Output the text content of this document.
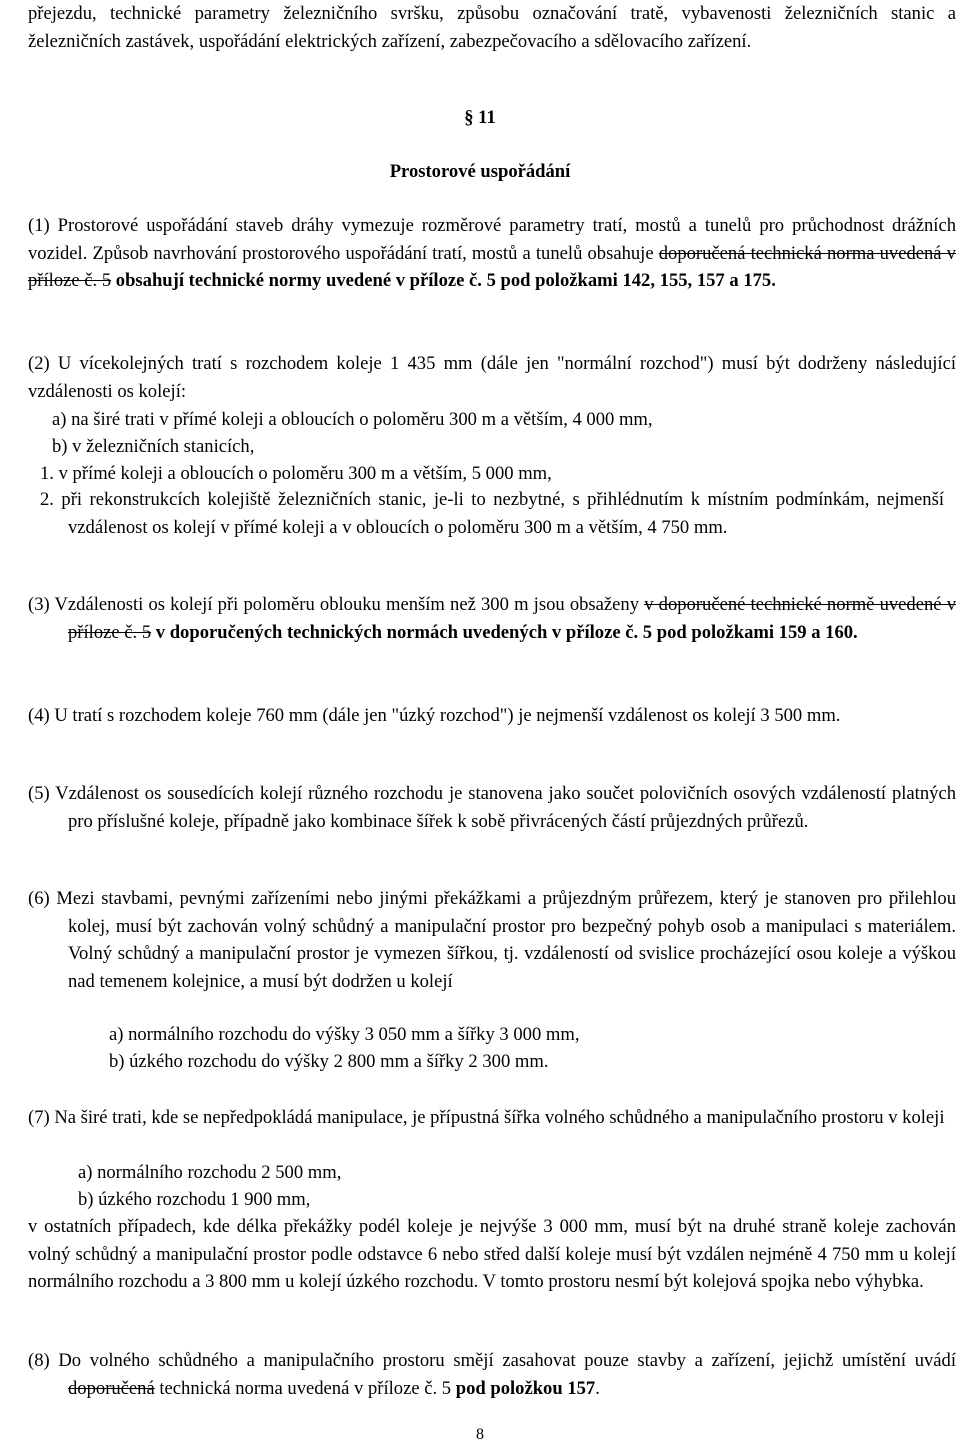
přejezdu, technické parametry železničního svršku, způsobu označování tratě, vybavenosti železničních stanic a železničních zastávek, uspořádání elektrických zařízení, zabezpečovacího a sdělovacího zařízení.
§ 11
Prostorové uspořádání
(1) Prostorové uspořádání staveb dráhy vymezuje rozměrové parametry tratí, mostů a tunelů pro průchodnost drážních vozidel. Způsob navrhování prostorového uspořádání tratí, mostů a tunelů obsahuje doporučená technická norma uvedená v příloze č. 5 obsahují technické normy uvedené v příloze č. 5 pod položkami 142, 155, 157 a 175.
(2) U vícekolejných tratí s rozchodem koleje 1 435 mm (dále jen "normální rozchod") musí být dodrženy následující vzdálenosti os kolejí:
a) na širé trati v přímé koleji a obloucích o poloměru 300 m a větším, 4 000 mm,
b) v železničních stanicích,
1. v přímé koleji a obloucích o poloměru 300 m a větším, 5 000 mm,
2. při rekonstrukcích kolejiště železničních stanic, je-li to nezbytné, s přihlédnutím k místním podmínkám, nejmenší vzdálenost os kolejí v přímé koleji a v obloucích o poloměru 300 m a větším, 4 750 mm.
(3) Vzdálenosti os kolejí při poloměru oblouku menším než 300 m jsou obsaženy v doporučené technické normě uvedené v příloze č. 5 v doporučených technických normách uvedených v příloze č. 5 pod položkami 159 a 160.
(4) U tratí s rozchodem koleje 760 mm (dále jen "úzký rozchod") je nejmenší vzdálenost os kolejí 3 500 mm.
(5) Vzdálenost os sousedících kolejí různého rozchodu je stanovena jako součet polovičních osových vzdáleností platných pro příslušné koleje, případně jako kombinace šířek k sobě přivrácených částí průjezdných průřezů.
(6) Mezi stavbami, pevnými zařízeními nebo jinými překážkami a průjezdným průřezem, který je stanoven pro přilehlou kolej, musí být zachován volný schůdný a manipulační prostor pro bezpečný pohyb osob a manipulaci s materiálem. Volný schůdný a manipulační prostor je vymezen šířkou, tj. vzdáleností od svislice procházející osou koleje a výškou nad temenem kolejnice, a musí být dodržen u kolejí
a) normálního rozchodu do výšky 3 050 mm a šířky 3 000 mm,
b) úzkého rozchodu do výšky 2 800 mm a šířky 2 300 mm.
(7) Na širé trati, kde se nepředpokládá manipulace, je přípustná šířka volného schůdného a manipulačního prostoru v koleji
a) normálního rozchodu 2 500 mm,
b) úzkého rozchodu 1 900 mm,
v ostatních případech, kde délka překážky podél koleje je nejvýše 3 000 mm, musí být na druhé straně koleje zachován volný schůdný a manipulační prostor podle odstavce 6 nebo střed další koleje musí být vzdálen nejméně 4 750 mm u kolejí normálního rozchodu a 3 800 mm u kolejí úzkého rozchodu. V tomto prostoru nesmí být kolejová spojka nebo výhybka.
(8) Do volného schůdného a manipulačního prostoru smějí zasahovat pouze stavby a zařízení, jejichž umístění uvádí doporučená technická norma uvedená v příloze č. 5 pod položkou 157.
8
